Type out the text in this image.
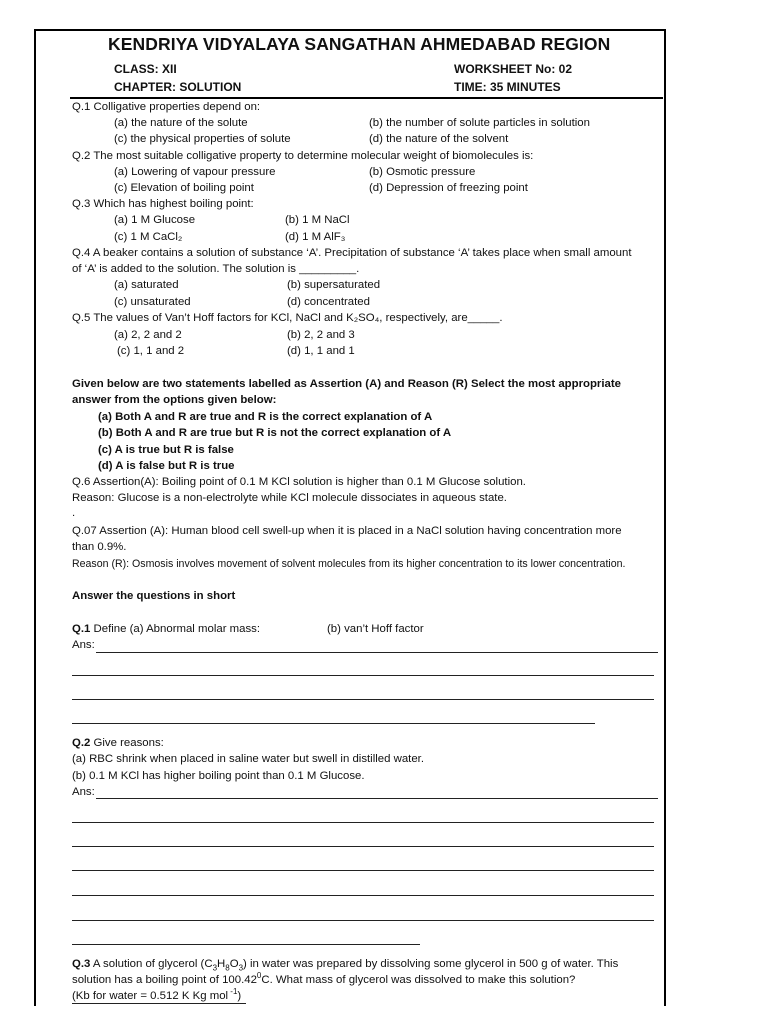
KENDRIYA VIDYALAYA SANGATHAN AHMEDABAD REGION
CLASS: XII	WORKSHEET No: 02
CHAPTER: SOLUTION	TIME: 35 MINUTES
Q.1 Colligative properties depend on:
(a) the nature of the solute	(b) the number of solute particles in solution
(c) the physical properties of solute	(d) the nature of the solvent
Q.2 The most suitable colligative property to determine molecular weight of biomolecules is:
(a) Lowering of vapour pressure	(b) Osmotic pressure
(c) Elevation of boiling point	(d) Depression of freezing point
Q.3 Which has highest boiling point:
(a) 1 M Glucose	(b) 1 M NaCl
(c) 1 M CaCl₂	(d) 1 M AlF₃
Q.4 A beaker contains a solution of substance ‘A’. Precipitation of substance ‘A’ takes place when small amount
of ‘A’ is added to the solution. The solution is _________.
(a) saturated	(b) supersaturated
(c) unsaturated	(d) concentrated
Q.5 The values of Van’t Hoff factors for KCl, NaCl and K₂SO₄, respectively, are_____.
(a) 2, 2 and 2	(b) 2, 2 and 3
(c) 1, 1 and 2	(d) 1, 1 and 1
Given below are two statements labelled as Assertion (A) and Reason (R) Select the most appropriate
answer from the options given below:
(a) Both A and R are true and R is the correct explanation of A
(b) Both A and R are true but R is not the correct explanation of A
(c) A is true but R is false
(d) A is false but R is true
Q.6 Assertion(A): Boiling point of 0.1 M KCl solution is higher than 0.1 M Glucose solution.
Reason: Glucose is a non-electrolyte while KCl molecule dissociates in aqueous state.
.
Q.07 Assertion (A): Human blood cell swell-up when it is placed in a NaCl solution having concentration more
than 0.9%.
Reason (R): Osmosis involves movement of solvent molecules from its higher concentration to its lower concentration.
Answer the questions in short
Q.1 Define (a) Abnormal molar mass:	(b) van’t Hoff factor
Ans:
Q.2 Give reasons:
(a) RBC shrink when placed in saline water but swell in distilled water.
(b) 0.1 M KCl has higher boiling point than 0.1 M Glucose.
Ans:
Q.3 A solution of glycerol $(C_3H_8O_3)$ in water was prepared by dissolving some glycerol in 500 g of water. This
solution has a boiling point of 100.42$^0$C. What mass of glycerol was dissolved to make this solution?
(Kb for water = 0.512 K Kg mol $^{-1}$)
